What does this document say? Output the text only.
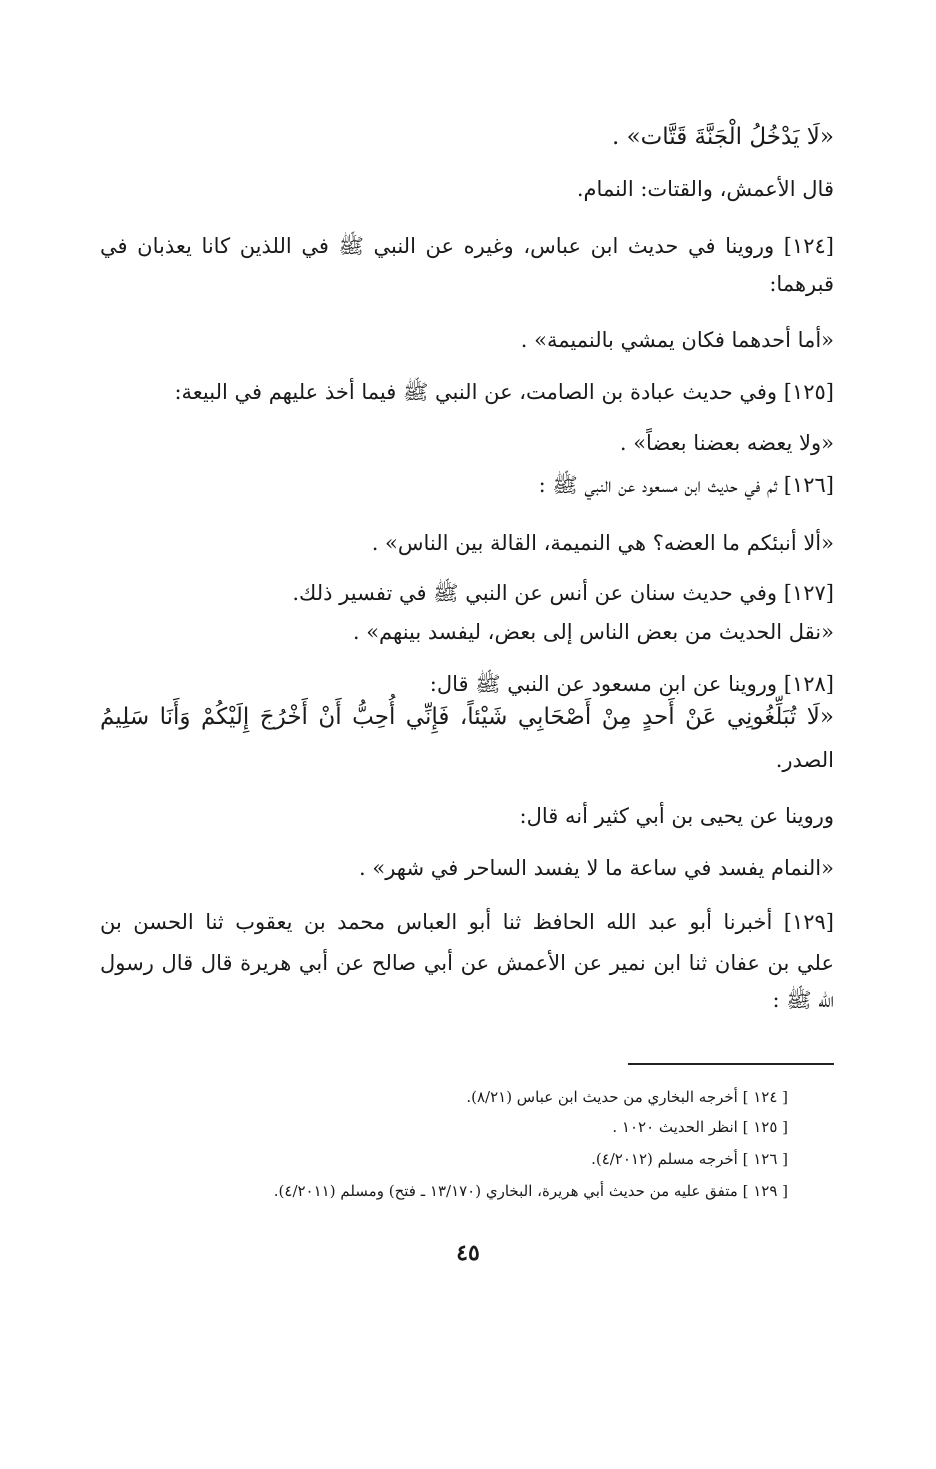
«لَا يَدْخُلُ الْجَنَّةَ قَتَّات» .
قال الأعمش، والقتات: النمام.
[١٢٤] وروينا في حديث ابن عباس، وغيره عن النبي ﷺ في اللذين كانا يعذبان في
قبرهما:
«أما أحدهما فكان يمشي بالنميمة» .
[١٢٥] وفي حديث عبادة بن الصامت، عن النبي ﷺ فيما أخذ عليهم في البيعة:
«ولا يعضه بعضنا بعضاً» .
[١٢٦] ثم في حديث ابن مسعود عن النبي ﷺ :
«ألا أنبئكم ما العضه؟ هي النميمة، القالة بين الناس» .
[١٢٧] وفي حديث سنان عن أنس عن النبي ﷺ في تفسير ذلك.
«نقل الحديث من بعض الناس إلى بعض، ليفسد بينهم» .
[١٢٨] وروينا عن ابن مسعود عن النبي ﷺ قال:
«لَا تُبَلِّغُونِي عَنْ أَحدٍ مِنْ أَصْحَابِي شَيْئاً، فَإِنِّي أُحِبُّ أَنْ أَخْرُجَ إِلَيْكُمْ وَأَنَا سَلِيمُ
الصدر.
وروينا عن يحيى بن أبي كثير أنه قال:
«النمام يفسد في ساعة ما لا يفسد الساحر في شهر» .
[١٢٩] أخبرنا أبو عبد الله الحافظ ثنا أبو العباس محمد بن يعقوب ثنا الحسن بن
علي بن عفان ثنا ابن نمير عن الأعمش عن أبي صالح عن أبي هريرة قال قال رسول
الله ﷺ :
[ ١٢٤ ] أخرجه البخاري من حديث ابن عباس (٨/٢١).
[ ١٢٥ ] انظر الحديث ١٠٢٠ .
[ ١٢٦ ] أخرجه مسلم (٤/٢٠١٢).
[ ١٢٩ ] متفق عليه من حديث أبي هريرة، البخاري (١٣/١٧٠ ـ فتح) ومسلم (٤/٢٠١١).
٤٥
